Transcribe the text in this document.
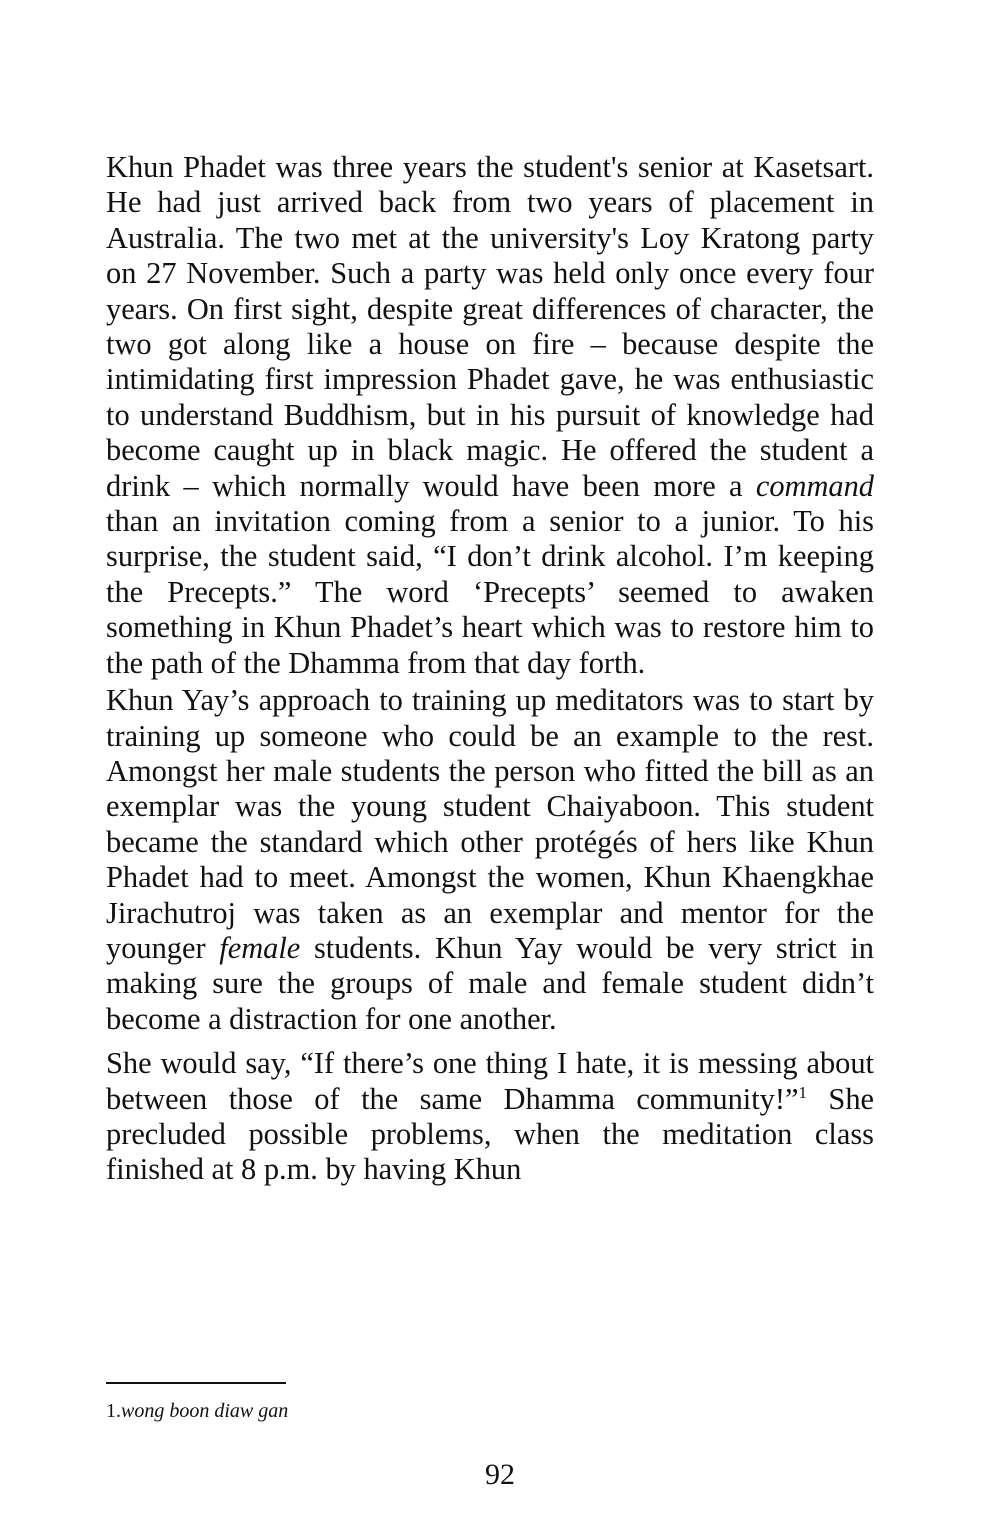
Khun Phadet was three years the student's senior at Kasetsart. He had just arrived back from two years of placement in Australia. The two met at the university's Loy Kratong party on 27 November. Such a party was held only once every four years. On first sight, despite great differences of character, the two got along like a house on fire – because despite the intimidating first impression Phadet gave, he was enthusiastic to understand Buddhism, but in his pursuit of knowledge had become caught up in black magic. He offered the student a drink – which normally would have been more a command than an invitation coming from a senior to a junior. To his surprise, the student said, “I don’t drink alcohol. I’m keeping the Precepts.” The word ‘Precepts’ seemed to awaken something in Khun Phadet’s heart which was to restore him to the path of the Dhamma from that day forth.

Khun Yay’s approach to training up meditators was to start by training up someone who could be an example to the rest. Amongst her male students the person who fitted the bill as an exemplar was the young student Chaiyaboon. This student became the standard which other protégés of hers like Khun Phadet had to meet. Amongst the women, Khun Khaengkhae Jirachutroj was taken as an exemplar and mentor for the younger female students. Khun Yay would be very strict in making sure the groups of male and female student didn’t become a distraction for one another.

She would say, “If there’s one thing I hate, it is messing about between those of the same Dhamma community!”$^1$ She precluded possible problems, when the meditation class finished at 8 p.m. by having Khun

1.wong boon diaw gan
92
